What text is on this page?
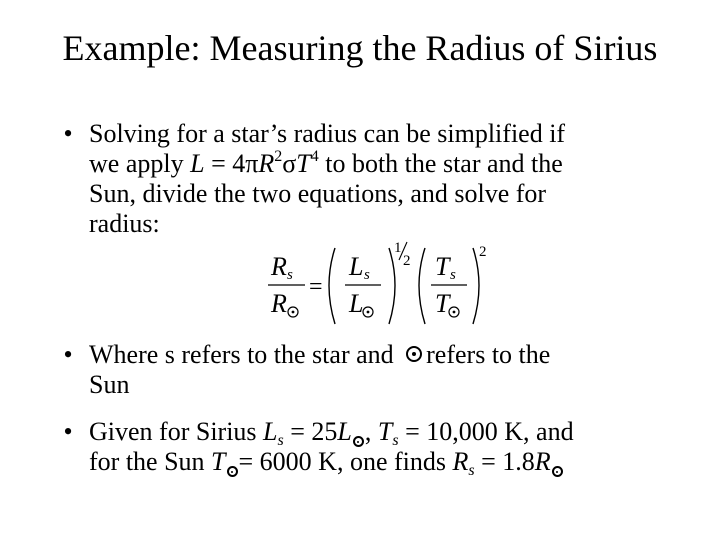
Example: Measuring the Radius of Sirius
• Solving for a star’s radius can be simplified if
we apply $L = 4\pi R^2\sigma T^4$ to both the star and the
Sun, divide the two equations, and solve for
radius:
R s
R
=
L s
L
1
2 T s
T
2
• Where s refers to the star and refers to the
Sun
• Given for Sirius $L_s = 25L$ , $T_s = 10,000$ K, and
for the Sun T = 6000 K, one finds $R_s = 1.8R$
